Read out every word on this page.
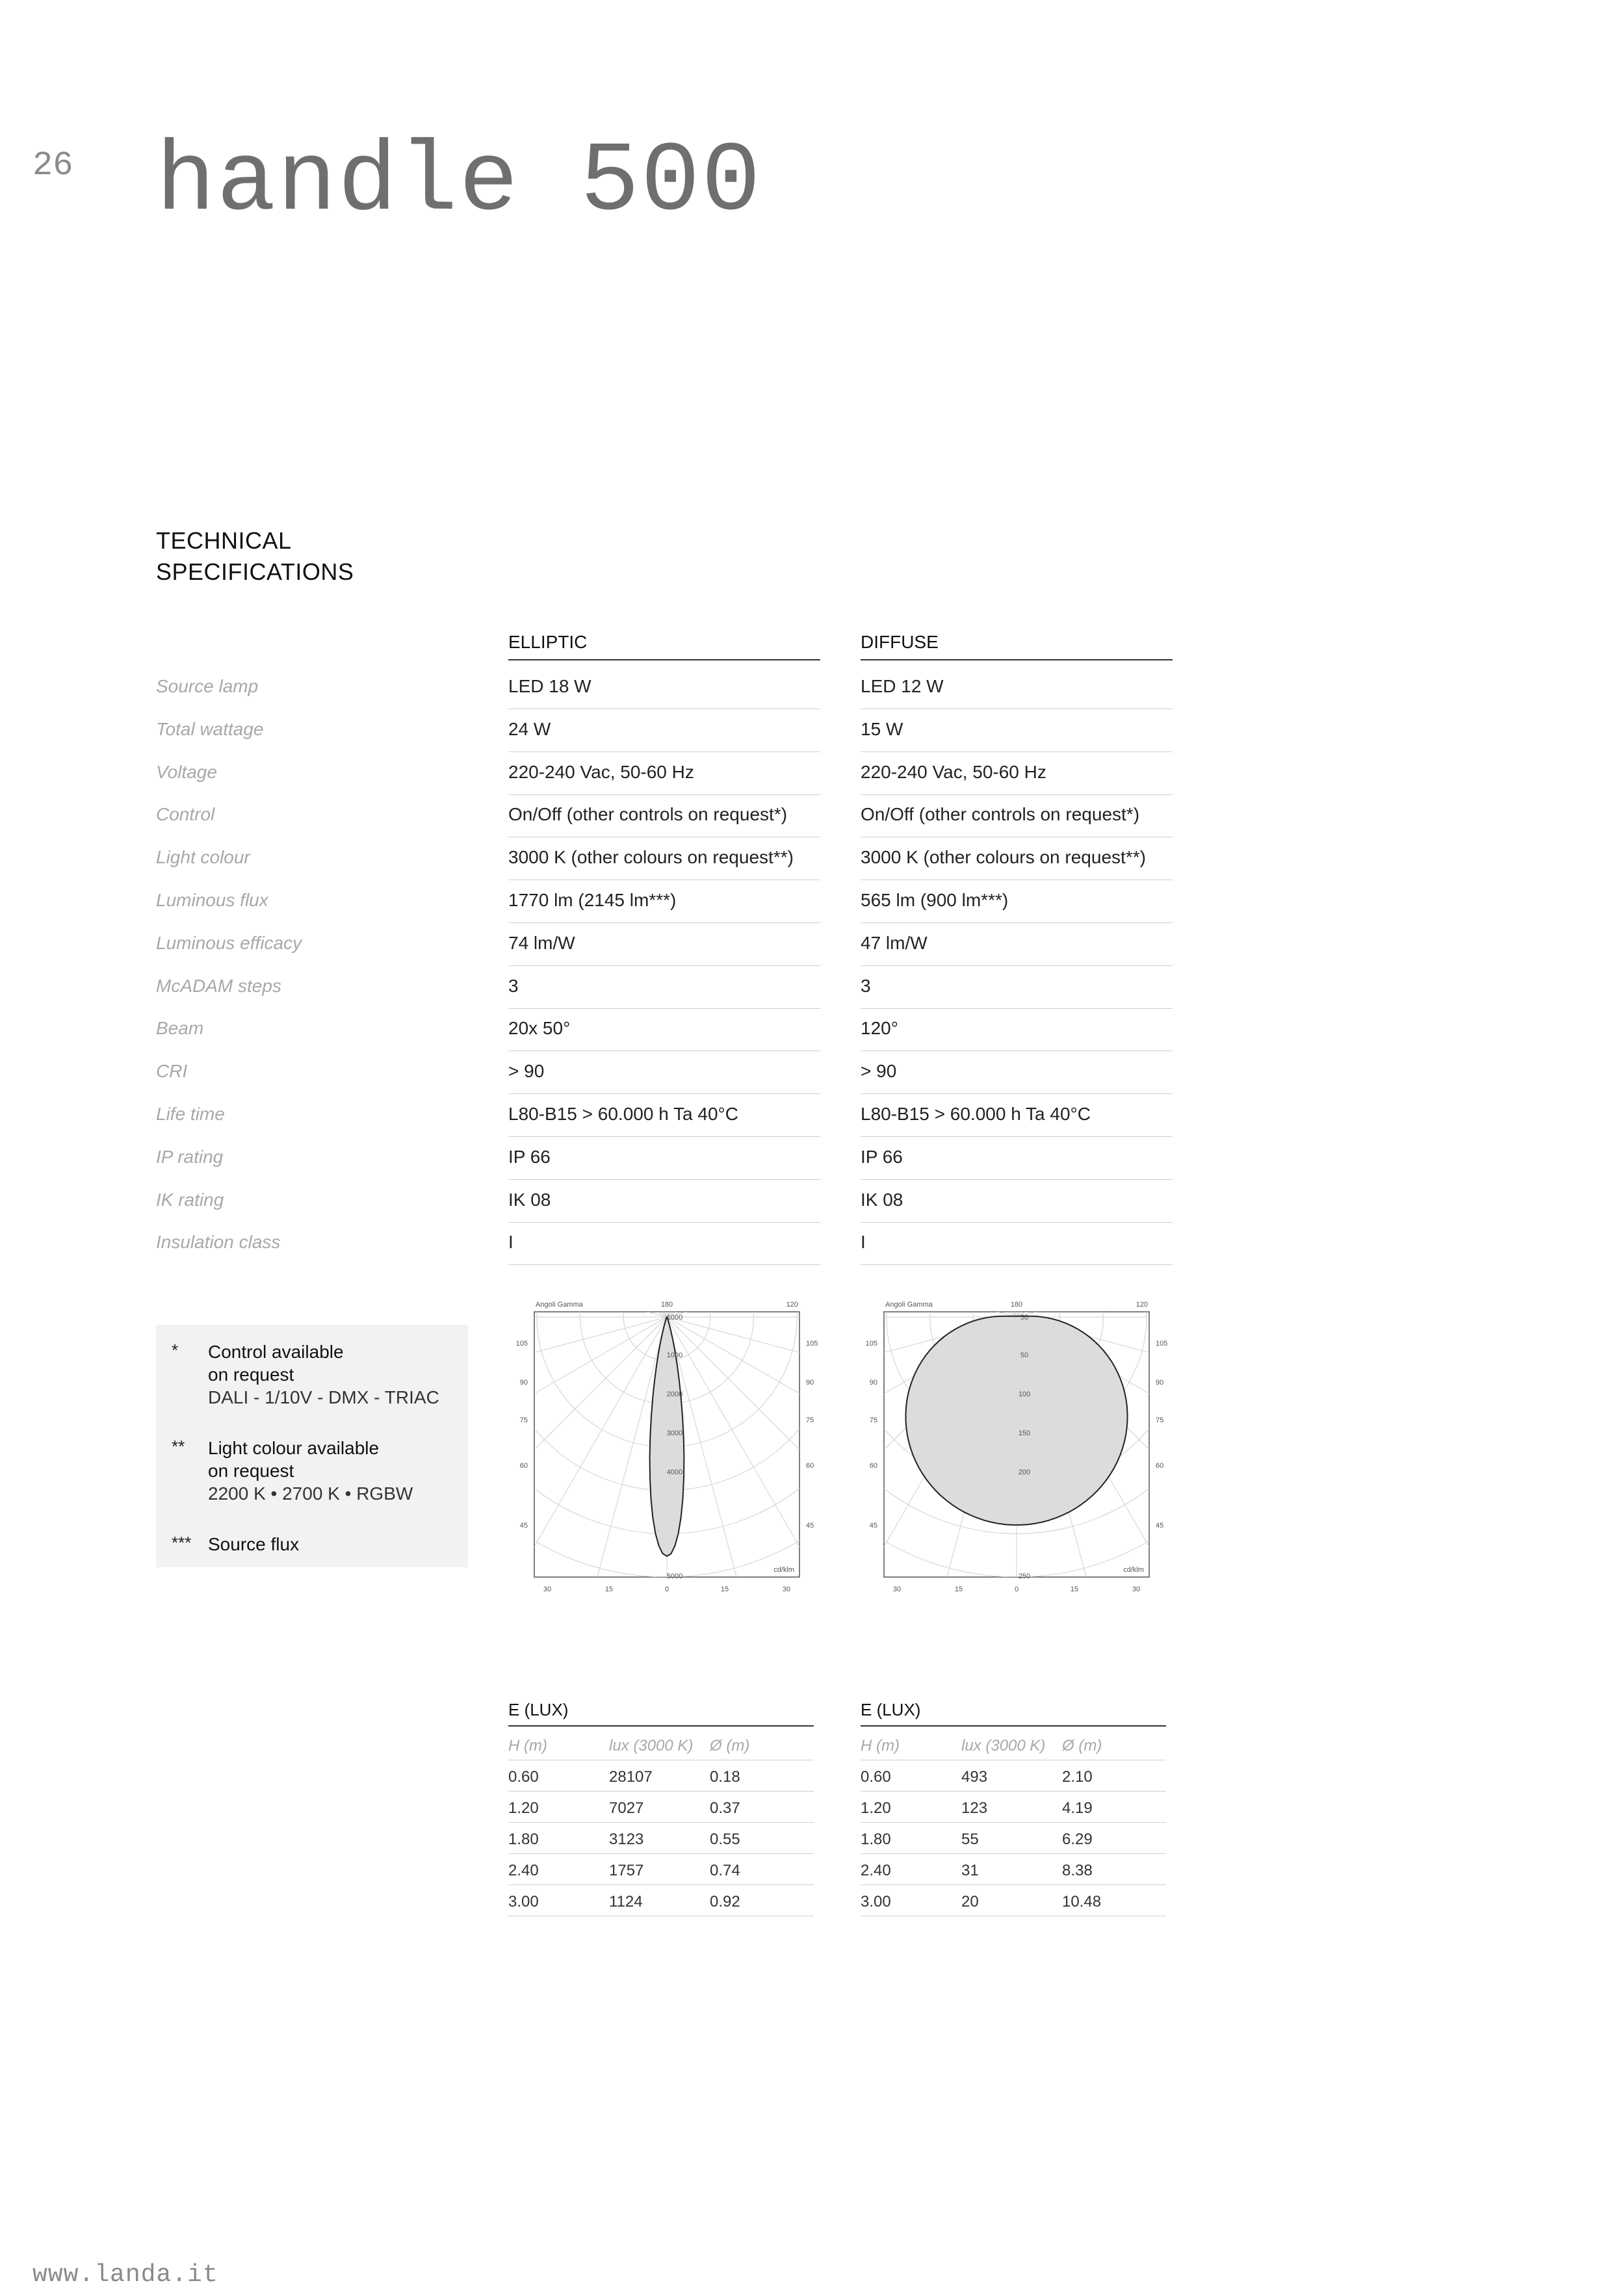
26 handle 500
TECHNICAL
SPECIFICATIONS
ELLIPTIC	DIFFUSE
Source lamp	LED 18 W	LED 12 W
Total wattage	24 W	15 W
Voltage	220-240 Vac, 50-60 Hz	220-240 Vac, 50-60 Hz
Control	On/Off (other controls on request*)	On/Off (other controls on request*)
Light colour	3000 K (other colours on request**)	3000 K (other colours on request**)
Luminous flux	1770 lm (2145 lm***)	565 lm (900 lm***)
Luminous efficacy	74 lm/W	47 lm/W
McADAM steps	3	3
Beam	20x 50°	120°
CRI	> 90	> 90
Life time	L80-B15 > 60.000 h Ta 40°C	L80-B15 > 60.000 h Ta 40°C
IP rating	IP 66	IP 66
IK rating	IK 08	IK 08
Insulation class	I	I
* Control available
on request
DALI - 1/10V - DMX - TRIAC
** Light colour available
on request
2200 K • 2700 K • RGBW
*** Source flux
Angoli Gamma	180	120
105	105
90	90
75	75
60	60
45	45
30	15	0	15	30
1000
1000
2000
3000
4000
5000
cd/klm
Angoli Gamma	180	120
105	105
90	90
75	75
60	60
45	45
30	15	0	15	30
50
50
100
150
200
250
cd/klm
E (LUX)
H (m)	lux (3000 K) Ø (m)
0.60	28107	0.18
1.20	7027	0.37
1.80	3123	0.55
2.40	1757	0.74
3.00	1124	0.92
E (LUX)
H (m)	lux (3000 K) Ø (m)
0.60	493	2.10
1.20	123	4.19
1.80	55	6.29
2.40	31	8.38
3.00	20	10.48
www.landa.it
